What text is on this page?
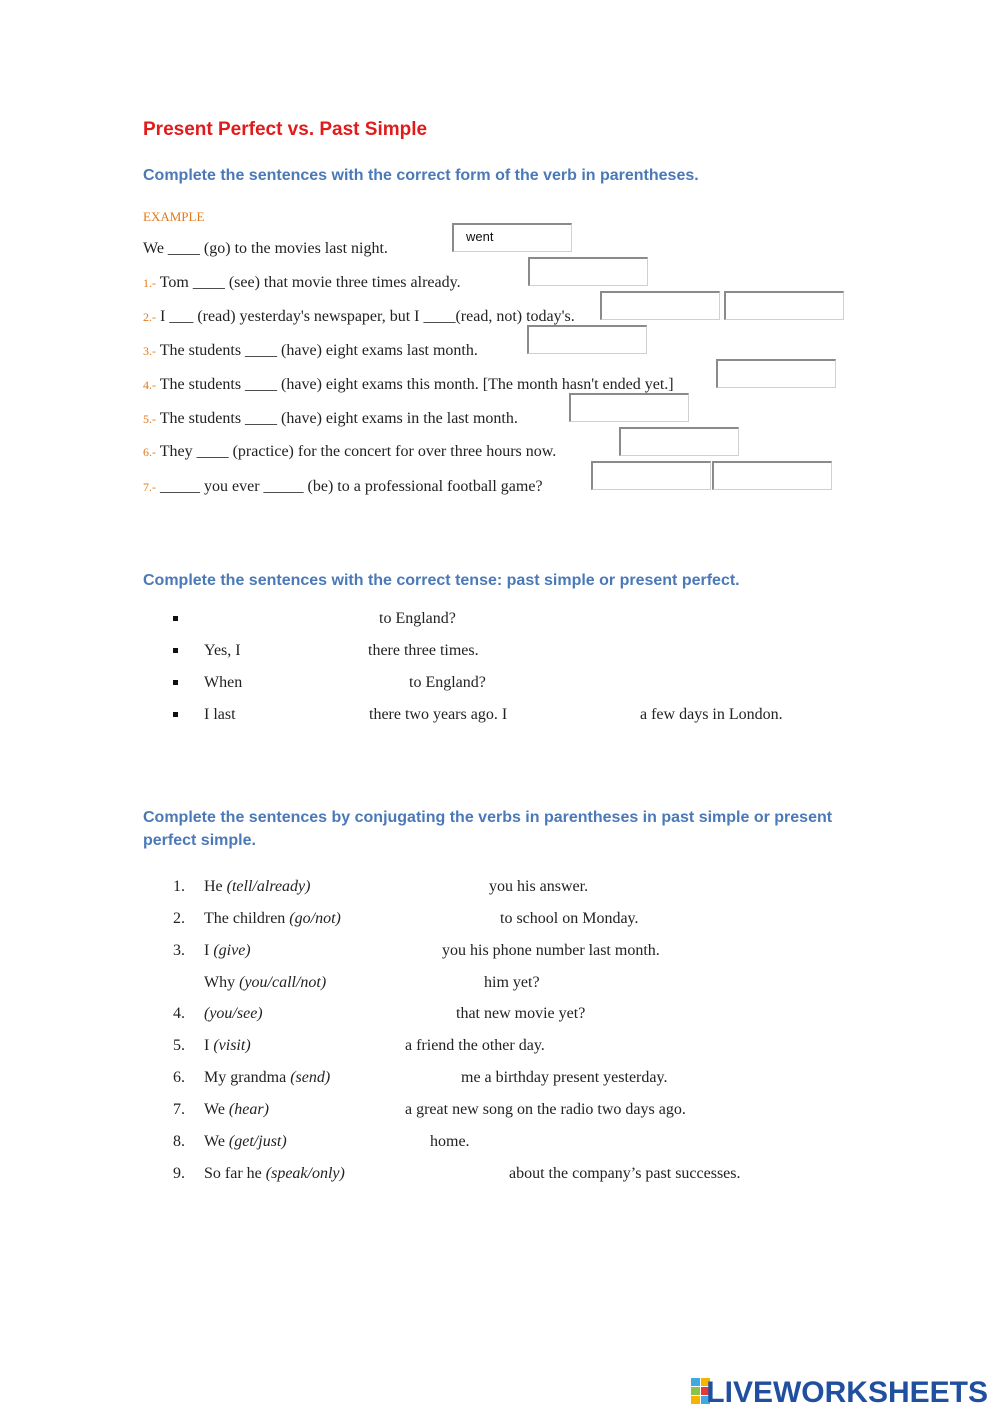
Present Perfect vs. Past Simple
Complete the sentences with the correct form of the verb in parentheses.
EXAMPLE
We ____ (go) to the movies last night.
went
1.- Tom ____ (see) that movie three times already.
2.- I ___ (read) yesterday's newspaper, but I ____(read, not) today's.
3.- The students ____ (have) eight exams last month.
4.- The students ____ (have) eight exams this month. [The month hasn't ended yet.]
5.- The students ____ (have) eight exams in the last month.
6.- They ____ (practice) for the concert for over three hours now.
7.- _____ you ever _____ (be) to a professional football game?
Complete the sentences with the correct tense: past simple or present perfect.
to England?
Yes, I	there three times.
When	to England?
I last	there two years ago. I	a few days in London.
Complete the sentences by conjugating the verbs in parentheses in past simple or present
perfect simple.
1. He (tell/already)	you his answer.
2. The children (go/not)	to school on Monday.
3. I (give)	you his phone number last month.
Why (you/call/not)	him yet?
4. (you/see)	that new movie yet?
5. I (visit)	a friend the other day.
6. My grandma (send)	me a birthday present yesterday.
7. We (hear)	a great new song on the radio two days ago.
8. We (get/just)	home.
9. So far he (speak/only)	about the company’s past successes.
LIVEWORKSHEETS
